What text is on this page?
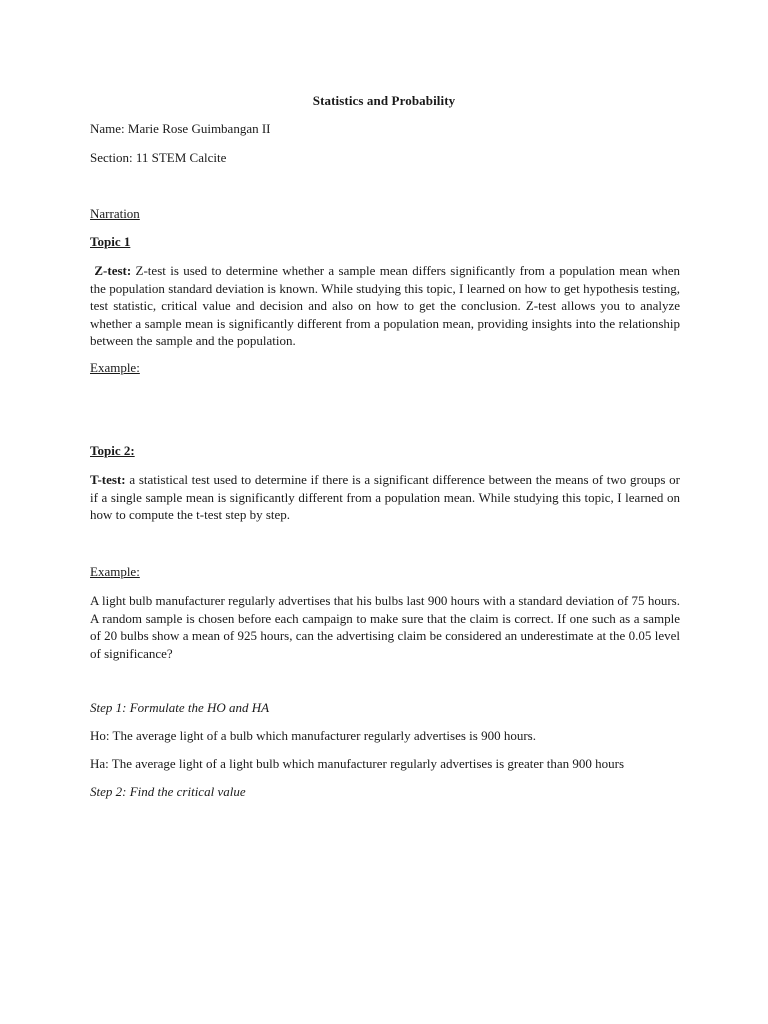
Statistics and Probability
Name: Marie Rose Guimbangan II
Section: 11 STEM Calcite
Narration
Topic 1
Z-test: Z-test is used to determine whether a sample mean differs significantly from a population mean when the population standard deviation is known. While studying this topic, I learned on how to get hypothesis testing, test statistic, critical value and decision and also on how to get the conclusion. Z-test allows you to analyze whether a sample mean is significantly different from a population mean, providing insights into the relationship between the sample and the population.
Example:
Topic 2:
T-test: a statistical test used to determine if there is a significant difference between the means of two groups or if a single sample mean is significantly different from a population mean. While studying this topic, I learned on how to compute the t-test step by step.
Example:
A light bulb manufacturer regularly advertises that his bulbs last 900 hours with a standard deviation of 75 hours. A random sample is chosen before each campaign to make sure that the claim is correct. If one such as a sample of 20 bulbs show a mean of 925 hours, can the advertising claim be considered an underestimate at the 0.05 level of significance?
Step 1: Formulate the HO and HA
Ho: The average light of a bulb which manufacturer regularly advertises is 900 hours.
Ha: The average light of a light bulb which manufacturer regularly advertises is greater than 900 hours
Step 2: Find the critical value
